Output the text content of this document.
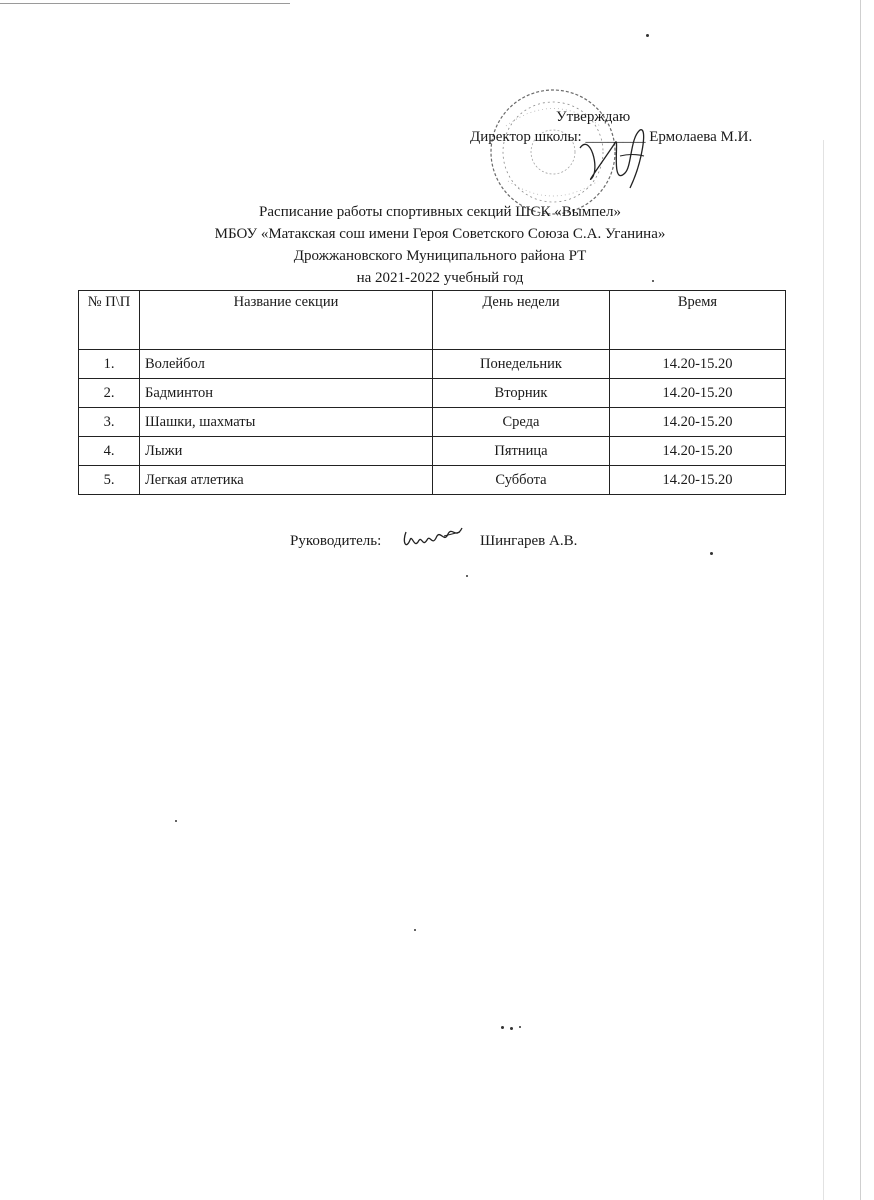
Утверждаю
Директор школы: ________ Ермолаева М.И.
Расписание работы спортивных секций ШСК «Вымпел»
МБОУ «Матакская сош имени Героя Советского Союза С.А. Уганина»
Дрожжановского Муниципального района РТ
на 2021-2022 учебный год
№ П\П	Название секции	День недели	Время
1.	Волейбол	Понедельник	14.20-15.20
2.	Бадминтон	Вторник	14.20-15.20
3.	Шашки, шахматы	Среда	14.20-15.20
4.	Лыжи	Пятница	14.20-15.20
5.	Легкая атлетика	Суббота	14.20-15.20
Руководитель:	Шингарев А.В.
